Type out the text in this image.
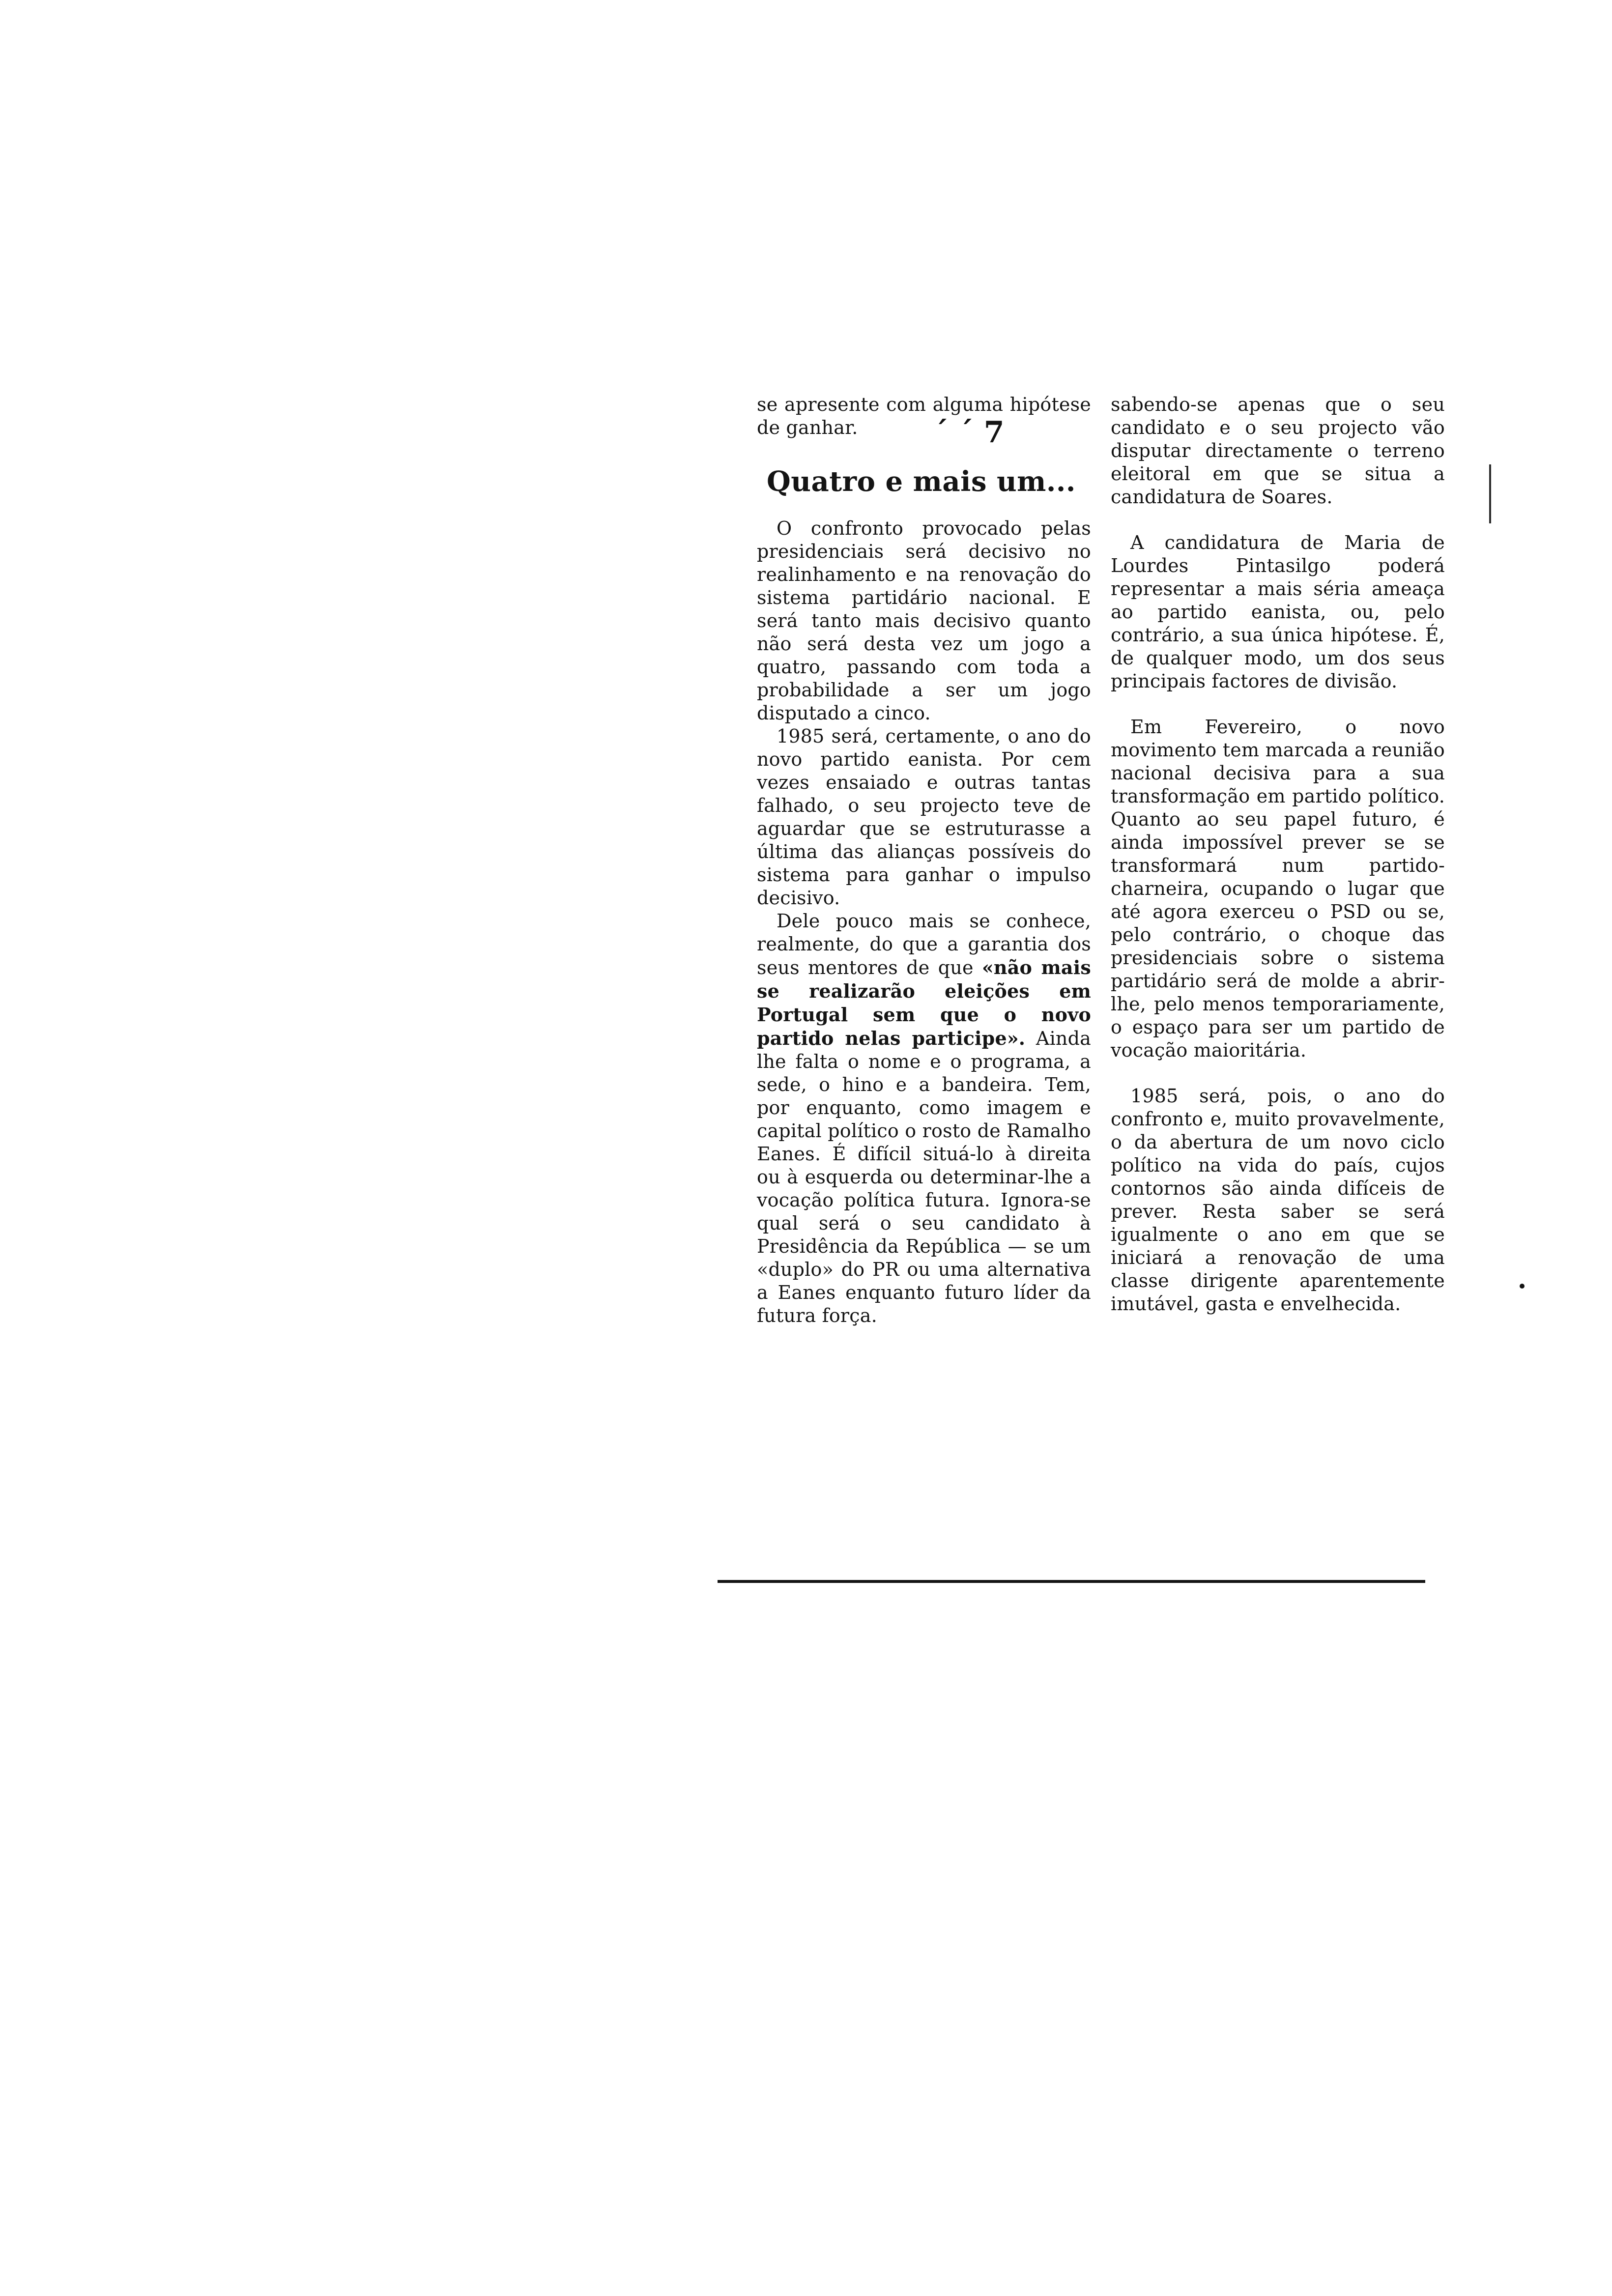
ˊ ˊ 7

se apresente com alguma hipótese de ganhar.

Quatro e mais um...

O confronto provocado pelas presidenciais será decisivo no realinhamento e na renovação do sistema partidário nacional. E será tanto mais decisivo quanto não será desta vez um jogo a quatro, passando com toda a probabilidade a ser um jogo disputado a cinco.

1985 será, certamente, o ano do novo partido eanista. Por cem vezes ensaiado e outras tantas falhado, o seu projecto teve de aguardar que se estruturasse a última das alianças possíveis do sistema para ganhar o impulso decisivo.

Dele pouco mais se conhece, realmente, do que a garantia dos seus mentores de que «não mais se realizarão eleições em Portugal sem que o novo partido nelas participe». Ainda lhe falta o nome e o programa, a sede, o hino e a bandeira. Tem, por enquanto, como imagem e capital político o rosto de Ramalho Eanes. É difícil situá-lo à direita ou à esquerda ou determinar-lhe a vocação política futura. Ignora-se qual será o seu candidato à Presidência da República — se um «duplo» do PR ou uma alternativa a Eanes enquanto futuro líder da futura força.

sabendo-se apenas que o seu candidato e o seu projecto vão disputar directamente o terreno eleitoral em que se situa a candidatura de Soares.

A candidatura de Maria de Lourdes Pintasilgo poderá representar a mais séria ameaça ao partido eanista, ou, pelo contrário, a sua única hipótese. É, de qualquer modo, um dos seus principais factores de divisão.

Em Fevereiro, o novo movimento tem marcada a reunião nacional decisiva para a sua transformação em partido político. Quanto ao seu papel futuro, é ainda impossível prever se se transformará num partido-charneira, ocupando o lugar que até agora exerceu o PSD ou se, pelo contrário, o choque das presidenciais sobre o sistema partidário será de molde a abrir-lhe, pelo menos temporariamente, o espaço para ser um partido de vocação maioritária.

1985 será, pois, o ano do confronto e, muito provavelmente, o da abertura de um novo ciclo político na vida do país, cujos contornos são ainda difíceis de prever. Resta saber se será igualmente o ano em que se iniciará a renovação de uma classe dirigente aparentemente imutável, gasta e envelhecida.
